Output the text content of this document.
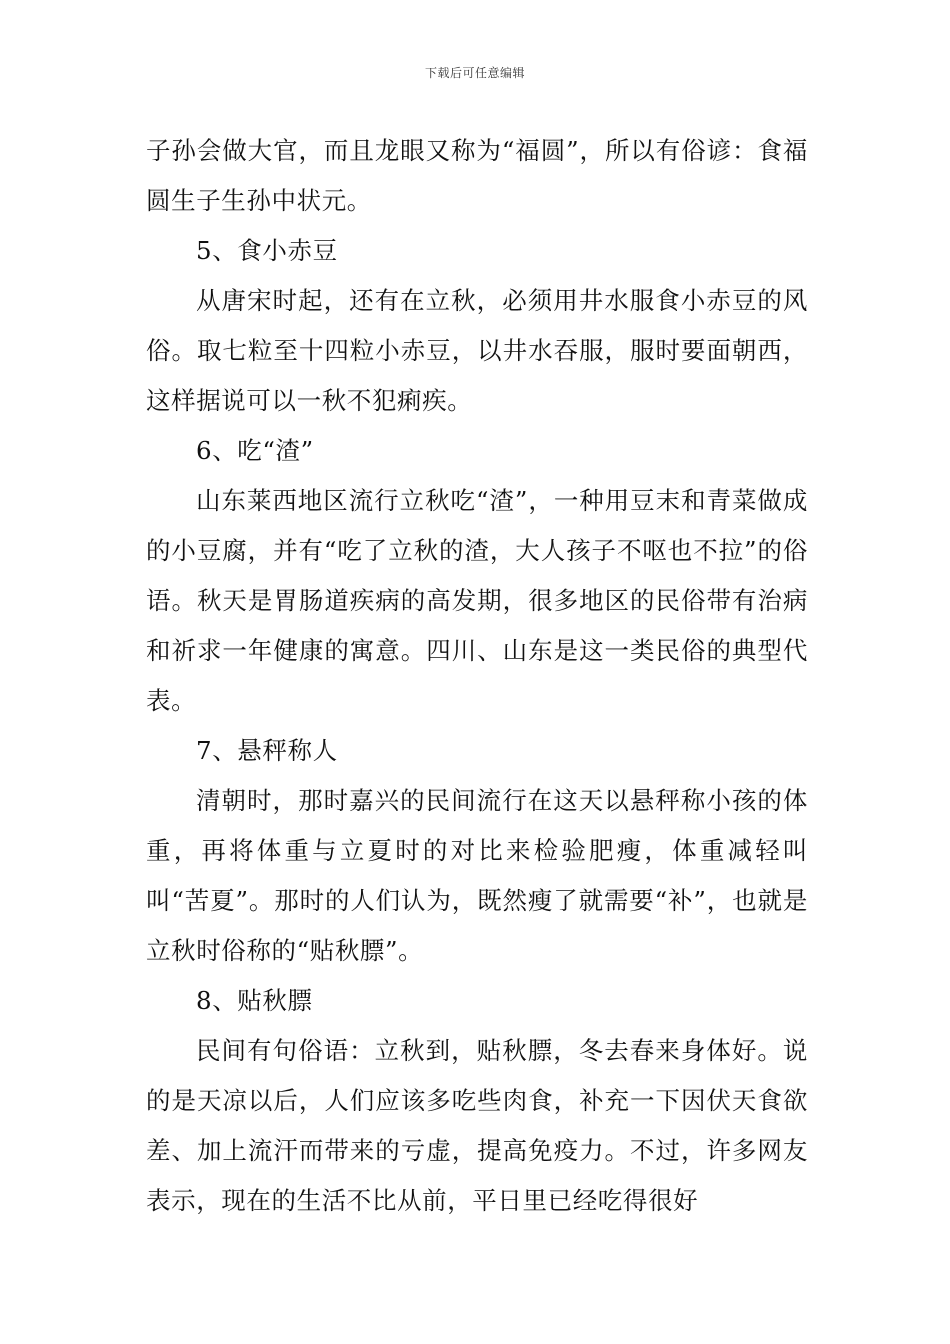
下载后可任意编辑

子孙会做大官，而且龙眼又称为“福圆”，所以有俗谚：食福圆生子生孙中状元。

5、食小赤豆

从唐宋时起，还有在立秋，必须用井水服食小赤豆的风俗。取七粒至十四粒小赤豆，以井水吞服，服时要面朝西，这样据说可以一秋不犯痢疾。

6、吃“渣”

山东莱西地区流行立秋吃“渣”，一种用豆末和青菜做成的小豆腐，并有“吃了立秋的渣，大人孩子不呕也不拉”的俗语。秋天是胃肠道疾病的高发期，很多地区的民俗带有治病和祈求一年健康的寓意。四川、山东是这一类民俗的典型代表。

7、悬秤称人

清朝时，那时嘉兴的民间流行在这天以悬秤称小孩的体重，再将体重与立夏时的对比来检验肥瘦，体重减轻叫叫“苦夏”。那时的人们认为，既然瘦了就需要“补”，也就是立秋时俗称的“贴秋膘”。

8、贴秋膘

民间有句俗语：立秋到，贴秋膘，冬去春来身体好。说的是天凉以后，人们应该多吃些肉食，补充一下因伏天食欲差、加上流汗而带来的亏虚，提高免疫力。不过，许多网友表示，现在的生活不比从前，平日里已经吃得很好
